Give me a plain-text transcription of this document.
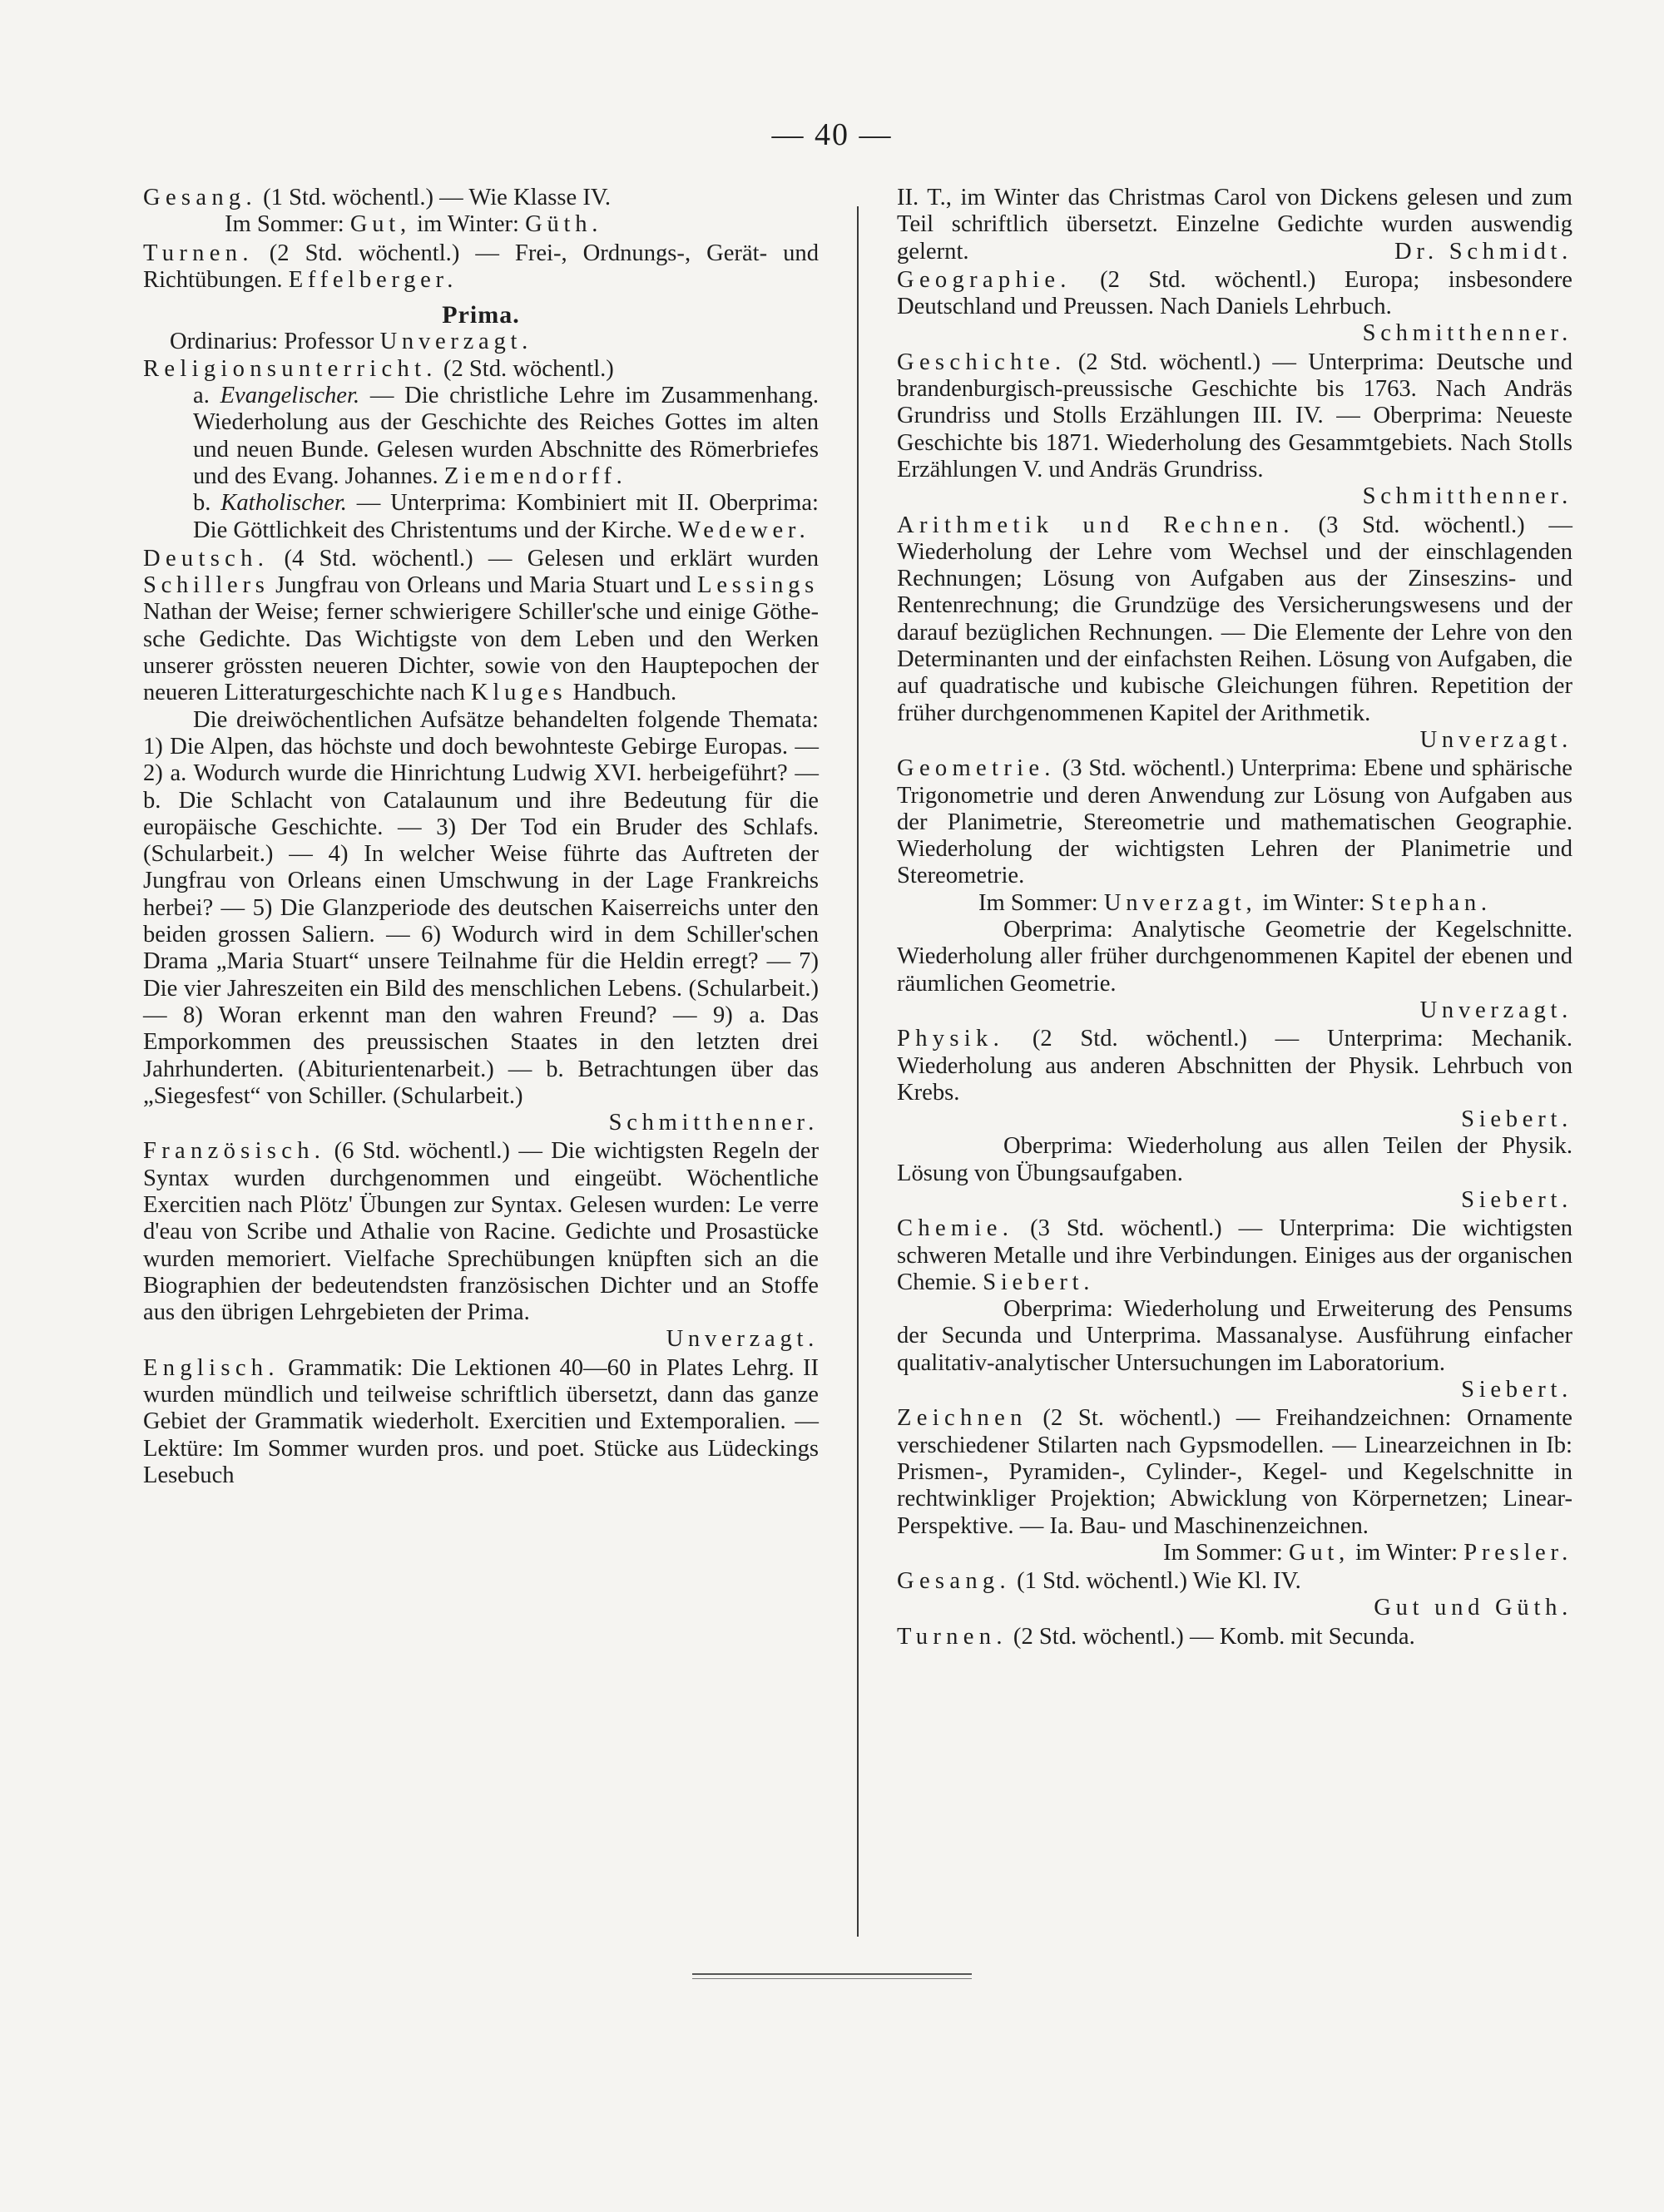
— 40 —
Gesang. (1 Std. wöchentl.) — Wie Klasse IV.
Im Sommer: Gut, im Winter: Güth.
Turnen. (2 Std. wöchentl.) — Frei-, Ordnungs-, Gerät- und Richtübungen. Effelberger.
Prima.
Ordinarius: Professor Unverzagt.
Religionsunterricht. (2 Std. wöchentl.)
a. Evangelischer. — Die christliche Lehre im Zusammenhang. Wiederholung aus der Geschichte des Reiches Gottes im alten und neuen Bunde. Gelesen wurden Abschnitte des Römerbriefes und des Evang. Johannes. Ziemendorff.
b. Katholischer. — Unterprima: Kombiniert mit II. Oberprima: Die Göttlichkeit des Christentums und der Kirche. Wedewer.
Deutsch. (4 Std. wöchentl.) — Gelesen und erklärt wurden Schillers Jungfrau von Orleans und Maria Stuart und Lessings Nathan der Weise; ferner schwierigere Schiller'sche und einige Göthe-sche Gedichte. Das Wichtigste von dem Leben und den Werken unserer grössten neueren Dichter, sowie von den Hauptepochen der neueren Litteraturgeschichte nach Kluges Handbuch.
Die dreiwöchentlichen Aufsätze behandelten folgende Themata: 1) Die Alpen, das höchste und doch bewohnteste Gebirge Europas. — 2) a. Wodurch wurde die Hinrichtung Ludwig XVI. herbeigeführt? — b. Die Schlacht von Catalaunum und ihre Bedeutung für die europäische Geschichte. — 3) Der Tod ein Bruder des Schlafs. (Schularbeit.) — 4) In welcher Weise führte das Auftreten der Jungfrau von Orleans einen Umschwung in der Lage Frankreichs herbei? — 5) Die Glanzperiode des deutschen Kaiserreichs unter den beiden grossen Saliern. — 6) Wodurch wird in dem Schiller'schen Drama „Maria Stuart“ unsere Teilnahme für die Heldin erregt? — 7) Die vier Jahreszeiten ein Bild des menschlichen Lebens. (Schularbeit.) — 8) Woran erkennt man den wahren Freund? — 9) a. Das Emporkommen des preussischen Staates in den letzten drei Jahrhunderten. (Abiturientenarbeit.) — b. Betrachtungen über das „Siegesfest“ von Schiller. (Schularbeit.)
Schmitthenner.
Französisch. (6 Std. wöchentl.) — Die wichtigsten Regeln der Syntax wurden durchgenommen und eingeübt. Wöchentliche Exercitien nach Plötz' Übungen zur Syntax. Gelesen wurden: Le verre d'eau von Scribe und Athalie von Racine. Gedichte und Prosastücke wurden memoriert. Vielfache Sprechübungen knüpften sich an die Biographien der bedeutendsten französischen Dichter und an Stoffe aus den übrigen Lehrgebieten der Prima.
Unverzagt.
Englisch. Grammatik: Die Lektionen 40—60 in Plates Lehrg. II wurden mündlich und teilweise schriftlich übersetzt, dann das ganze Gebiet der Grammatik wiederholt. Exercitien und Extemporalien. — Lektüre: Im Sommer wurden pros. und poet. Stücke aus Lüdeckings Lesebuch
II. T., im Winter das Christmas Carol von Dickens gelesen und zum Teil schriftlich übersetzt. Einzelne Gedichte wurden auswendig gelernt.	Dr. Schmidt.
Geographie. (2 Std. wöchentl.) Europa; insbesondere Deutschland und Preussen. Nach Daniels Lehrbuch.
Schmitthenner.
Geschichte. (2 Std. wöchentl.) — Unterprima: Deutsche und brandenburgisch-preussische Geschichte bis 1763. Nach Andräs Grundriss und Stolls Erzählungen III. IV. — Oberprima: Neueste Geschichte bis 1871. Wiederholung des Gesammtgebiets. Nach Stolls Erzählungen V. und Andräs Grundriss.
Schmitthenner.
Arithmetik und Rechnen. (3 Std. wöchentl.) — Wiederholung der Lehre vom Wechsel und der einschlagenden Rechnungen; Lösung von Aufgaben aus der Zinseszins- und Rentenrechnung; die Grundzüge des Versicherungswesens und der darauf bezüglichen Rechnungen. — Die Elemente der Lehre von den Determinanten und der einfachsten Reihen. Lösung von Aufgaben, die auf quadratische und kubische Gleichungen führen. Repetition der früher durchgenommenen Kapitel der Arithmetik.
Unverzagt.
Geometrie. (3 Std. wöchentl.) Unterprima: Ebene und sphärische Trigonometrie und deren Anwendung zur Lösung von Aufgaben aus der Planimetrie, Stereometrie und mathematischen Geographie. Wiederholung der wichtigsten Lehren der Planimetrie und Stereometrie.
Im Sommer: Unverzagt, im Winter: Stephan.
Oberprima: Analytische Geometrie der Kegelschnitte. Wiederholung aller früher durchgenommenen Kapitel der ebenen und räumlichen Geometrie.
Unverzagt.
Physik. (2 Std. wöchentl.) — Unterprima: Mechanik. Wiederholung aus anderen Abschnitten der Physik. Lehrbuch von Krebs.
Siebert.
Oberprima: Wiederholung aus allen Teilen der Physik. Lösung von Übungsaufgaben.
Siebert.
Chemie. (3 Std. wöchentl.) — Unterprima: Die wichtigsten schweren Metalle und ihre Verbindungen. Einiges aus der organischen Chemie. Siebert.
Oberprima: Wiederholung und Erweiterung des Pensums der Secunda und Unterprima. Massanalyse. Ausführung einfacher qualitativ-analytischer Untersuchungen im Laboratorium.
Siebert.
Zeichnen (2 St. wöchentl.) — Freihandzeichnen: Ornamente verschiedener Stilarten nach Gypsmodellen. — Linearzeichnen in Ib: Prismen-, Pyramiden-, Cylinder-, Kegel- und Kegelschnitte in rechtwinkliger Projektion; Abwicklung von Körpernetzen; Linear-Perspektive. — Ia. Bau- und Maschinenzeichnen.
Im Sommer: Gut, im Winter: Presler.
Gesang. (1 Std. wöchentl.) Wie Kl. IV.
Gut und Güth.
Turnen. (2 Std. wöchentl.) — Komb. mit Secunda.
